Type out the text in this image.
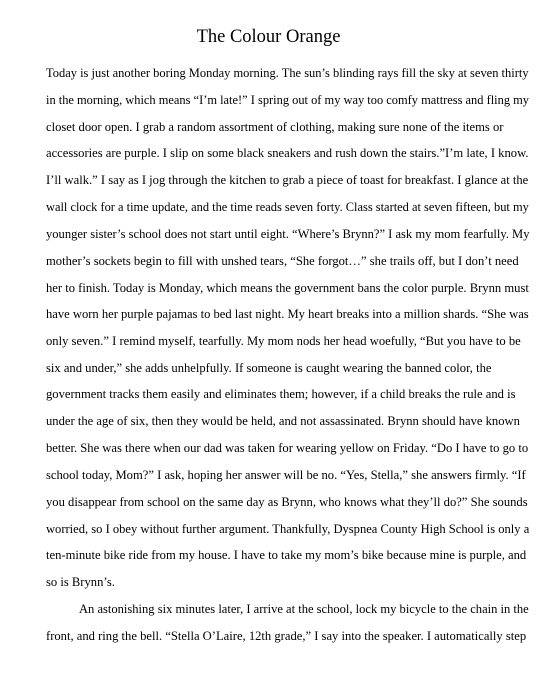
The Colour Orange
Today is just another boring Monday morning. The sun’s blinding rays fill the sky at seven thirty
in the morning, which means “I’m late!” I spring out of my way too comfy mattress and fling my
closet door open. I grab a random assortment of clothing, making sure none of the items or
accessories are purple. I slip on some black sneakers and rush down the stairs.”I’m late, I know.
I’ll walk.” I say as I jog through the kitchen to grab a piece of toast for breakfast. I glance at the
wall clock for a time update, and the time reads seven forty. Class started at seven fifteen, but my
younger sister’s school does not start until eight. “Where’s Brynn?” I ask my mom fearfully. My
mother’s sockets begin to fill with unshed tears, “She forgot…” she trails off, but I don’t need
her to finish. Today is Monday, which means the government bans the color purple. Brynn must
have worn her purple pajamas to bed last night. My heart breaks into a million shards. “She was
only seven.” I remind myself, tearfully. My mom nods her head woefully, “But you have to be
six and under,” she adds unhelpfully. If someone is caught wearing the banned color, the
government tracks them easily and eliminates them; however, if a child breaks the rule and is
under the age of six, then they would be held, and not assassinated. Brynn should have known
better. She was there when our dad was taken for wearing yellow on Friday. “Do I have to go to
school today, Mom?” I ask, hoping her answer will be no. “Yes, Stella,” she answers firmly. “If
you disappear from school on the same day as Brynn, who knows what they’ll do?” She sounds
worried, so I obey without further argument. Thankfully, Dyspnea County High School is only a
ten-minute bike ride from my house. I have to take my mom’s bike because mine is purple, and
so is Brynn’s.
An astonishing six minutes later, I arrive at the school, lock my bicycle to the chain in the
front, and ring the bell. “Stella O’Laire, 12th grade,” I say into the speaker. I automatically step
